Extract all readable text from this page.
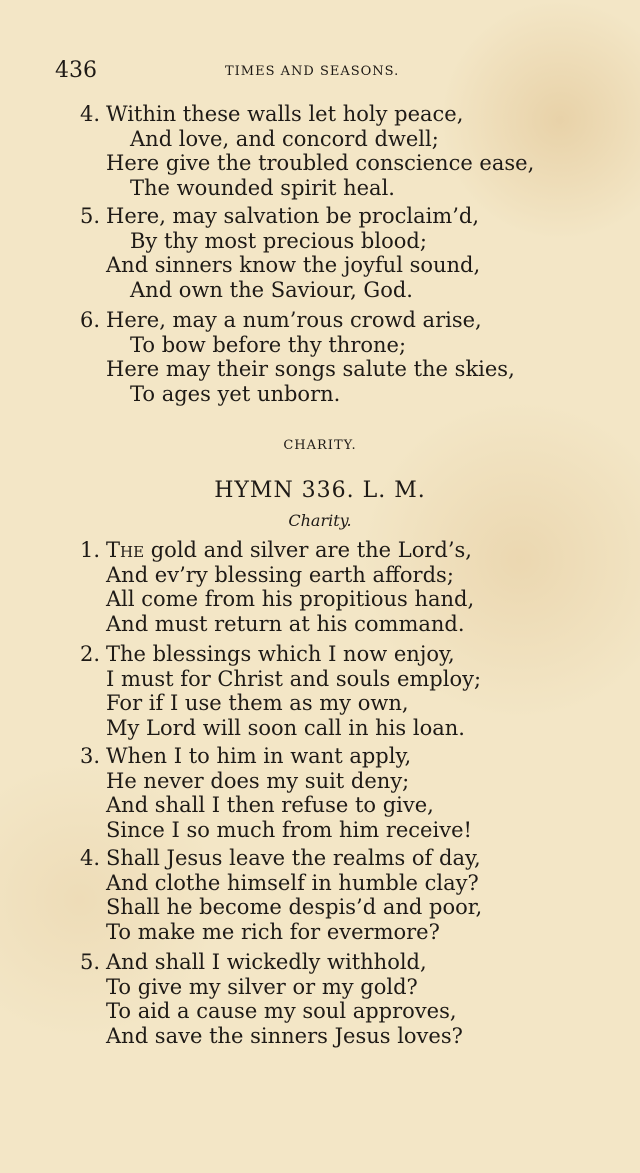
436	TIMES AND SEASONS.
4. Within these walls let holy peace,
And love, and concord dwell;
Here give the troubled conscience ease,
The wounded spirit heal.
5. Here, may salvation be proclaim’d,
By thy most precious blood;
And sinners know the joyful sound,
And own the Saviour, God.
6. Here, may a num’rous crowd arise,
To bow before thy throne;
Here may their songs salute the skies,
To ages yet unborn.
CHARITY.
HYMN 336. L. M.
Charity.
1. The gold and silver are the Lord’s,
And ev’ry blessing earth affords;
All come from his propitious hand,
And must return at his command.
2. The blessings which I now enjoy,
I must for Christ and souls employ;
For if I use them as my own,
My Lord will soon call in his loan.
3. When I to him in want apply,
He never does my suit deny;
And shall I then refuse to give,
Since I so much from him receive!
4. Shall Jesus leave the realms of day,
And clothe himself in humble clay?
Shall he become despis’d and poor,
To make me rich for evermore?
5. And shall I wickedly withhold,
To give my silver or my gold?
To aid a cause my soul approves,
And save the sinners Jesus loves?
